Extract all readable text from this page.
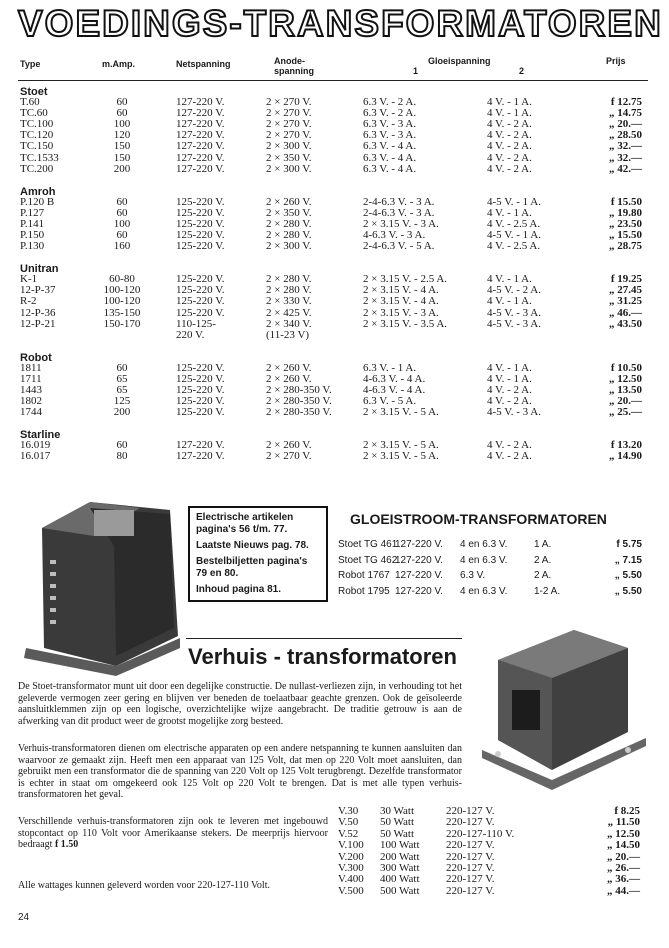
VOEDINGS-TRANSFORMATOREN
Type	m.Amp.	Netspanning	Anode-
spanning
Gloeispanning
1	2
Prijs
Stoet
T.60	60	127-220 V.	2 × 270 V.	6.3 V. - 2 A.	4 V. - 1 A.	f 12.75
TC.60	60	127-220 V.	2 × 270 V.	6.3 V. - 2 A.	4 V. - 1 A.	„ 14.75
TC.100	100	127-220 V.	2 × 270 V.	6.3 V. - 3 A.	4 V. - 2 A.	„ 20.—
TC.120	120	127-220 V.	2 × 270 V.	6.3 V. - 3 A.	4 V. - 2 A.	„ 28.50
TC.150	150	127-220 V.	2 × 300 V.	6.3 V. - 4 A.	4 V. - 2 A.	„ 32.—
TC.1533	150	127-220 V.	2 × 350 V.	6.3 V. - 4 A.	4 V. - 2 A.	„ 32.—
TC.200	200	127-220 V.	2 × 300 V.	6.3 V. - 4 A.	4 V. - 2 A.	„ 42.—
Amroh
P.120 B	60	125-220 V.	2 × 260 V.	2-4-6.3 V. - 3 A.	4-5 V. - 1 A.	f 15.50
P.127	60	125-220 V.	2 × 350 V.	2-4-6.3 V. - 3 A.	4 V. - 1 A.	„ 19.80
P.141	100	125-220 V.	2 × 280 V.	2 × 3.15 V. - 3 A.	4 V. - 2.5 A.	„ 23.50
P.150	60	125-220 V.	2 × 280 V.	4-6.3 V. - 3 A.	4-5 V. - 1 A.	„ 15.50
P.130	160	125-220 V.	2 × 300 V.	2-4-6.3 V. - 5 A.	4 V. - 2.5 A.	„ 28.75
Unitran
K-1	60-80	125-220 V.	2 × 280 V.	2 × 3.15 V. - 2.5 A.	4 V. - 1 A.	f 19.25
12-P-37	100-120	125-220 V.	2 × 280 V.	2 × 3.15 V. - 4 A.	4-5 V. - 2 A.	„ 27.45
R-2	100-120	125-220 V.	2 × 330 V.	2 × 3.15 V. - 4 A.	4 V. - 1 A.	„ 31.25
12-P-36	135-150	125-220 V.	2 × 425 V.	2 × 3.15 V. - 3 A.	4-5 V. - 3 A.	„ 46.—
12-P-21	150-170	110-125-	2 × 340 V.	2 × 3.15 V. - 3.5 A.	4-5 V. - 3 A.	„ 43.50
220 V.	(11-23 V)
Robot
1811	60	125-220 V.	2 × 260 V.	6.3 V. - 1 A.	4 V. - 1 A.	f 10.50
1711	65	125-220 V.	2 × 260 V.	4-6.3 V. - 4 A.	4 V. - 1 A.	„ 12.50
1443	65	125-220 V.	2 × 280-350 V.	4-6.3 V. - 4 A.	4 V. - 2 A.	„ 13.50
1802	125	125-220 V.	2 × 280-350 V.	6.3 V. - 5 A.	4 V. - 2 A.	„ 20.—
1744	200	125-220 V.	2 × 280-350 V.	2 × 3.15 V. - 5 A.	4-5 V. - 3 A.	„ 25.—
Starline
16.019	60	127-220 V.	2 × 260 V.	2 × 3.15 V. - 5 A.	4 V. - 2 A.	f 13.20
16.017	80	127-220 V.	2 × 270 V.	2 × 3.15 V. - 5 A.	4 V. - 2 A.	„ 14.90
Electrische artikelen
pagina's 56 t/m. 77.
Laatste Nieuws pag. 78.
Bestelbiljetten pagina's
79 en 80.
Inhoud pagina 81.
GLOEISTROOM-TRANSFORMATOREN
Stoet TG 461
127-220 V. 4 en 6.3 V.	1 A.	f 5.75
Stoet TG 462
127-220 V. 4 en 6.3 V.	2 A.	„ 7.15
Robot 1767 127-220 V. 6.3 V.	2 A.	„ 5.50
Robot 1795 127-220 V. 4 en 6.3 V.	1-2 A.	„ 5.50
Verhuis - transformatoren
De Stoet-transformator munt uit door een degelijke constructie. De nullast-verliezen zijn, in verhouding tot het geleverde vermogen zeer gering en blijven ver beneden de toelaatbaar geachte grenzen. Ook de geïsoleerde aansluitklemmen zijn op een logische, overzichtelijke wijze aangebracht. De traditie getrouw is aan de afwerking van dit product weer de grootst mogelijke zorg besteed.
Verhuis-transformatoren dienen om electrische apparaten op een andere netspanning te kunnen aansluiten dan waarvoor ze gemaakt zijn. Heeft men een apparaat van 125 Volt, dat men op 220 Volt moet aansluiten, dan gebruikt men een transformator die de spanning van 220 Volt op 125 Volt terugbrengt. Dezelfde transformator is echter in staat om omgekeerd ook 125 Volt op 220 Volt te brengen. Dat is met alle typen verhuis-transformatoren het geval.
Verschillende verhuis-transformatoren zijn ook te leveren met ingebouwd stopcontact op 110 Volt voor Amerikaanse stekers. De meerprijs hiervoor bedraagt f 1.50
Alle wattages kunnen geleverd worden voor 220-127-110 Volt.
V.30 30 Watt	220-127 V.	f 8.25
V.50 50 Watt	220-127 V.	„ 11.50
V.52 50 Watt	220-127-110 V.	„ 12.50
V.100 100 Watt 220-127 V.	„ 14.50
V.200 200 Watt 220-127 V.	„ 20.—
V.300 300 Watt 220-127 V.	„ 26.—
V.400 400 Watt 220-127 V.	„ 36.—
V.500 500 Watt 220-127 V.	„ 44.—
24
